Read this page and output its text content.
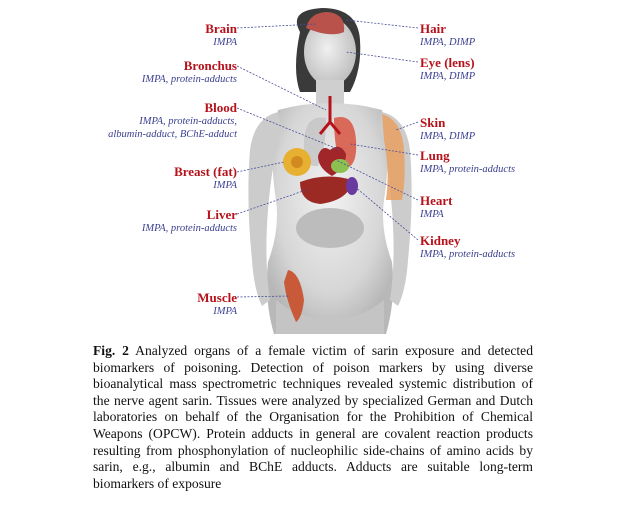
Brain
IMPA
Bronchus
IMPA, protein-adducts
Blood
IMPA, protein-adducts,
albumin-adduct, BChE-adduct
Breast (fat)
IMPA
Liver
IMPA, protein-adducts
Muscle
IMPA
Hair
IMPA, DIMP
Eye (lens)
IMPA, DIMP
Skin
IMPA, DIMP
Lung
IMPA, protein-adducts
Heart
IMPA
Kidney
IMPA, protein-adducts
Fig. 2 Analyzed organs of a female victim of sarin exposure and detected biomarkers of poisoning. Detection of poison markers by using diverse bioanalytical mass spectrometric techniques revealed systemic distribution of the nerve agent sarin. Tissues were analyzed by specialized German and Dutch laboratories on behalf of the Organisation for the Prohibition of Chemical Weapons (OPCW). Protein adducts in general are covalent reaction products resulting from phosphonylation of nucleophilic side-chains of amino acids by sarin, e.g., albumin and BChE adducts. Adducts are suitable long-term biomarkers of exposure
